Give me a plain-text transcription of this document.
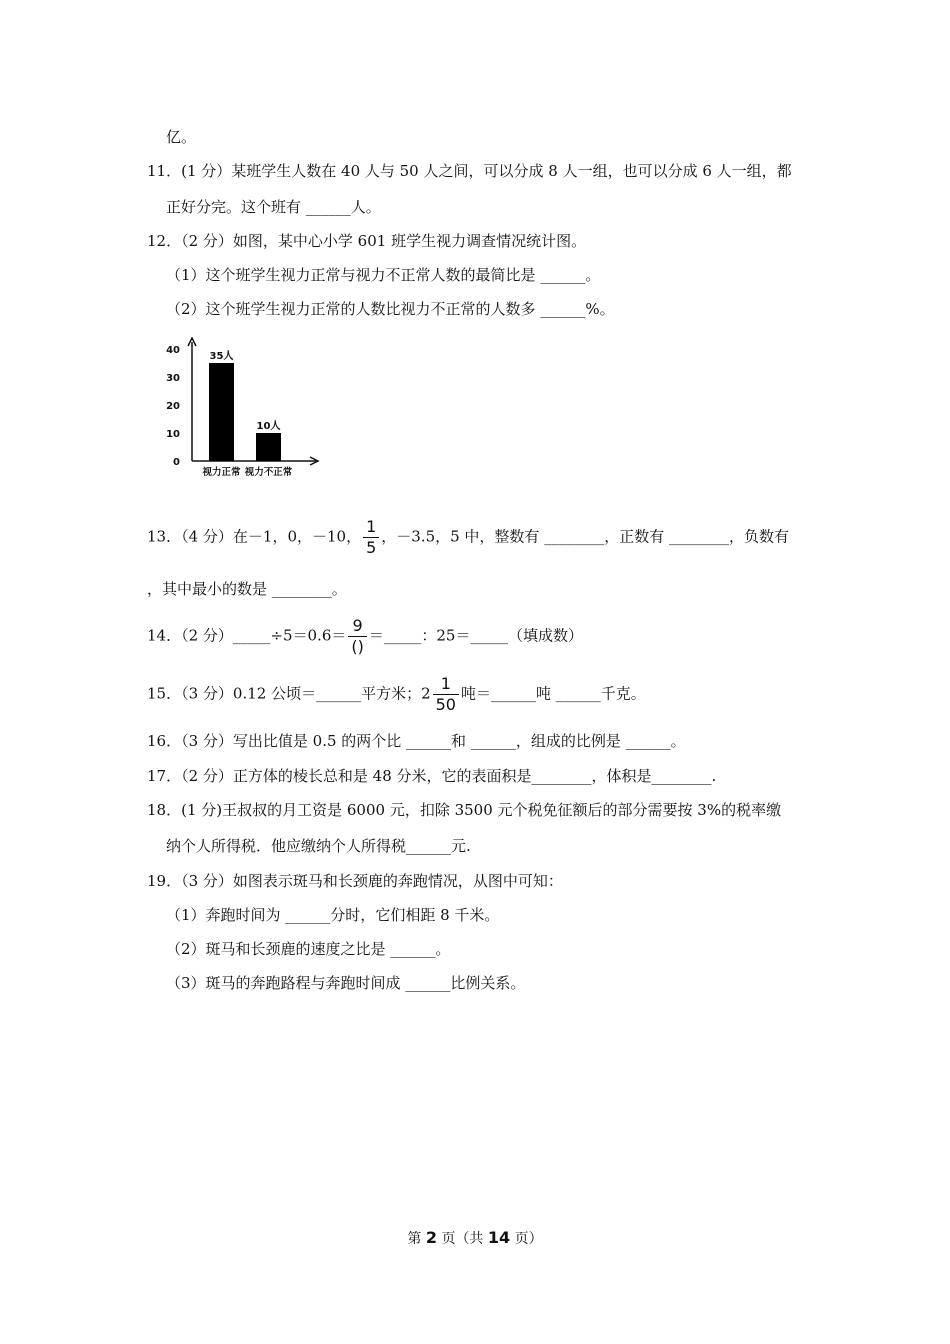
亿。
11．(1 分）某班学生人数在 40 人与 50 人之间，可以分成 8 人一组，也可以分成 6 人一组，都
正好分完。这个班有 ______人。
12．（2 分）如图，某中心小学 601 班学生视力调查情况统计图。
（1）这个班学生视力正常与视力不正常人数的最简比是 ______。
（2）这个班学生视力正常的人数比视力不正常的人数多 ______%。
0
10
20
30
40
35人
视力正常
10人
视力不正常
13．（4 分）在－1，0，－10， $\frac{1}{5}$ ，－3.5，5 中，整数有 ________，正数有 ________，负数有
，其中最小的数是 ________。
14．（2 分）_____÷5＝0.6＝ $\frac{9}{()}$ ＝_____：25＝_____（填成数）
15．（3 分）0.12 公顷＝______平方米；$2 \frac{1}{50}$ 吨＝______吨 ______千克。
16．（3 分）写出比值是 0.5 的两个比 ______和 ______，组成的比例是 ______。
17．（2 分）正方体的棱长总和是 48 分米，它的表面积是________，体积是________.
18．(1 分)王叔叔的月工资是 6000 元，扣除 3500 元个税免征额后的部分需要按 3%的税率缴
纳个人所得税．他应缴纳个人所得税______元.
19．（3 分）如图表示斑马和长颈鹿的奔跑情况，从图中可知：
（1）奔跑时间为 ______分时，它们相距 8 千米。
（2）斑马和长颈鹿的速度之比是 ______。
（3）斑马的奔跑路程与奔跑时间成 ______比例关系。
第 2 页（共 14 页）
